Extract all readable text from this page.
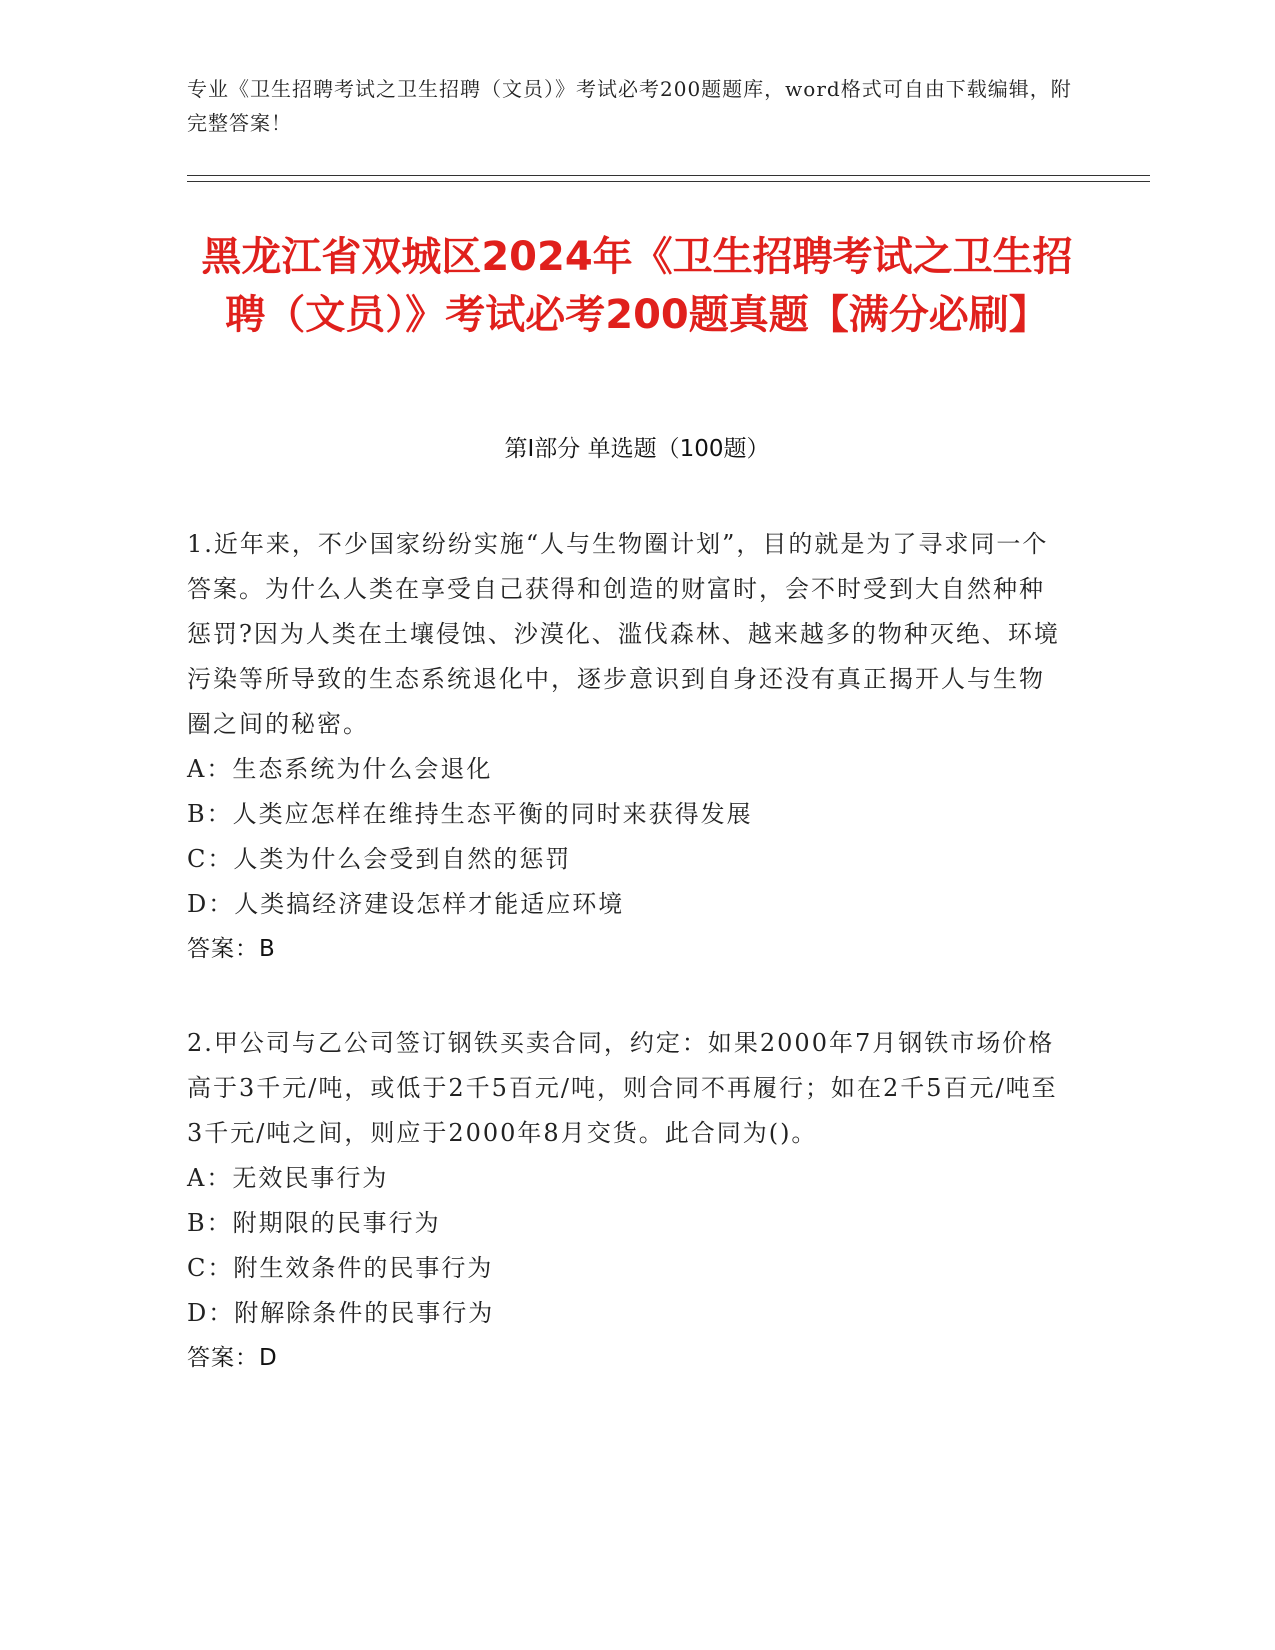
专业《卫生招聘考试之卫生招聘（文员）》考试必考200题题库，word格式可自由下载编辑，附完整答案！
黑龙江省双城区2024年《卫生招聘考试之卫生招聘（文员）》考试必考200题真题【满分必刷】
第I部分 单选题（100题）

1.近年来，不少国家纷纷实施“人与生物圈计划”，目的就是为了寻求同一个答案。为什么人类在享受自己获得和创造的财富时，会不时受到大自然种种惩罚?因为人类在土壤侵蚀、沙漠化、滥伐森林、越来越多的物种灭绝、环境污染等所导致的生态系统退化中，逐步意识到自身还没有真正揭开人与生物圈之间的秘密。

A：生态系统为什么会退化
B：人类应怎样在维持生态平衡的同时来获得发展
C：人类为什么会受到自然的惩罚
D：人类搞经济建设怎样才能适应环境
答案：B

2.甲公司与乙公司签订钢铁买卖合同，约定：如果2000年7月钢铁市场价格高于3千元/吨，或低于2千5百元/吨，则合同不再履行；如在2千5百元/吨至3千元/吨之间，则应于2000年8月交货。此合同为()。

A：无效民事行为
B：附期限的民事行为
C：附生效条件的民事行为
D：附解除条件的民事行为
答案：D
